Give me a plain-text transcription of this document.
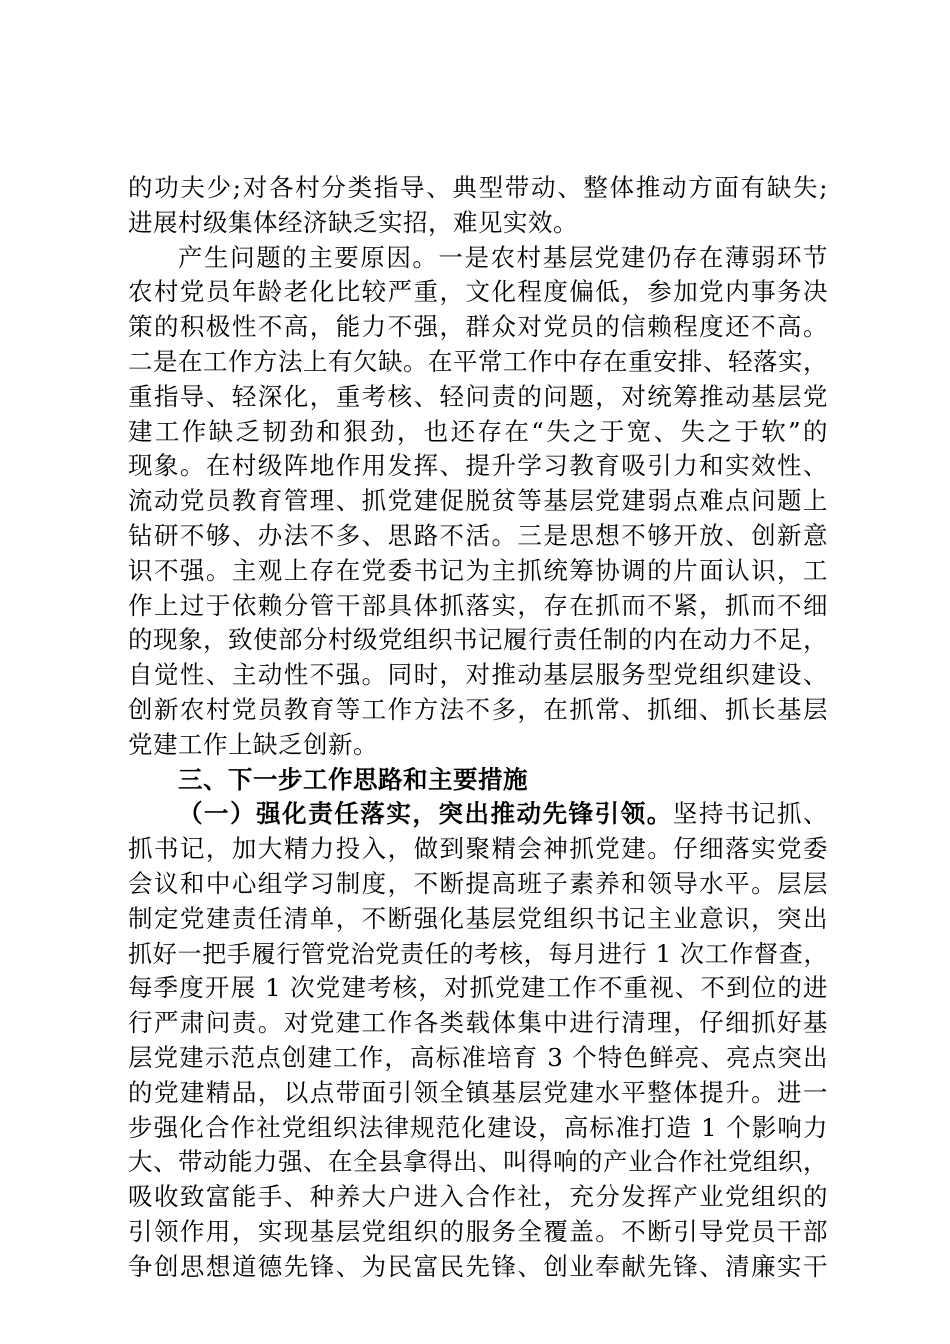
的功夫少;对各村分类指导、典型带动、整体推动方面有缺失;
进展村级集体经济缺乏实招，难见实效。
产生问题的主要原因。一是农村基层党建仍存在薄弱环节
农村党员年龄老化比较严重，文化程度偏低，参加党内事务决
策的积极性不高，能力不强，群众对党员的信赖程度还不高。
二是在工作方法上有欠缺。在平常工作中存在重安排、轻落实，
重指导、轻深化，重考核、轻问责的问题，对统筹推动基层党
建工作缺乏韧劲和狠劲，也还存在“失之于宽、失之于软”的
现象。在村级阵地作用发挥、提升学习教育吸引力和实效性、
流动党员教育管理、抓党建促脱贫等基层党建弱点难点问题上
钻研不够、办法不多、思路不活。三是思想不够开放、创新意
识不强。主观上存在党委书记为主抓统筹协调的片面认识，工
作上过于依赖分管干部具体抓落实，存在抓而不紧，抓而不细
的现象，致使部分村级党组织书记履行责任制的内在动力不足，
自觉性、主动性不强。同时，对推动基层服务型党组织建设、
创新农村党员教育等工作方法不多，在抓常、抓细、抓长基层
党建工作上缺乏创新。
三、下一步工作思路和主要措施
（一）强化责任落实，突出推动先锋引领。坚持书记抓、
抓书记，加大精力投入，做到聚精会神抓党建。仔细落实党委
会议和中心组学习制度，不断提高班子素养和领导水平。层层
制定党建责任清单，不断强化基层党组织书记主业意识，突出
抓好一把手履行管党治党责任的考核，每月进行 1 次工作督查，
每季度开展 1 次党建考核，对抓党建工作不重视、不到位的进
行严肃问责。对党建工作各类载体集中进行清理，仔细抓好基
层党建示范点创建工作，高标准培育 3 个特色鲜亮、亮点突出
的党建精品，以点带面引领全镇基层党建水平整体提升。进一
步强化合作社党组织法律规范化建设，高标准打造 1 个影响力
大、带动能力强、在全县拿得出、叫得响的产业合作社党组织，
吸收致富能手、种养大户进入合作社，充分发挥产业党组织的
引领作用，实现基层党组织的服务全覆盖。不断引导党员干部
争创思想道德先锋、为民富民先锋、创业奉献先锋、清廉实干
